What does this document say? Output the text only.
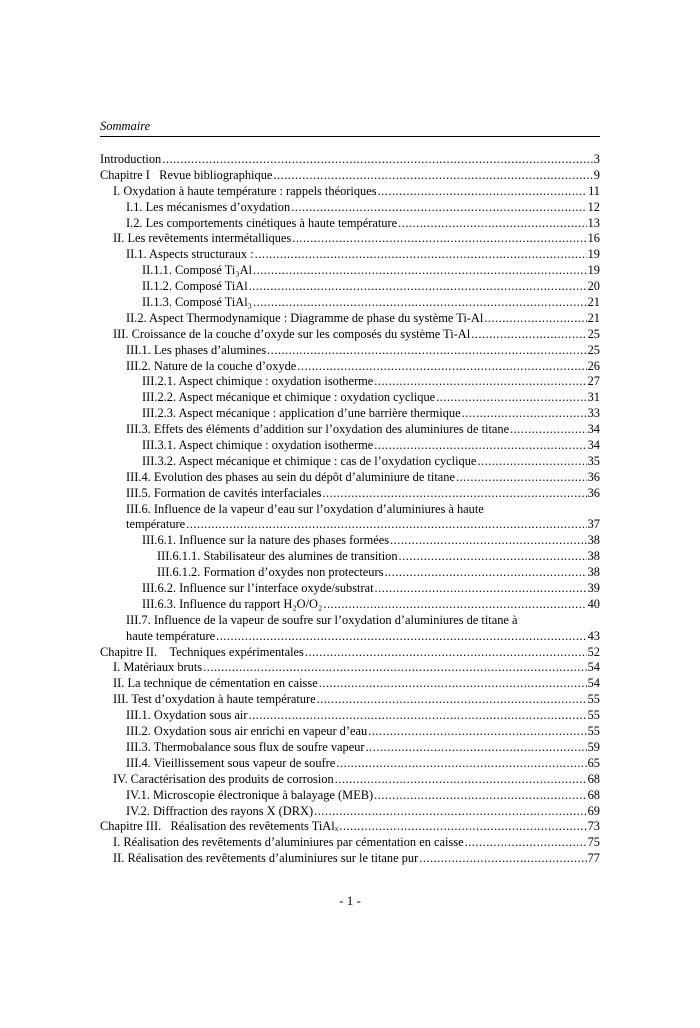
Sommaire
Introduction .....	3
Chapitre I   Revue bibliographique .....	9
I. Oxydation à haute température : rappels théoriques .....	11
I.1. Les mécanismes d’oxydation .....	12
I.2. Les comportements cinétiques à haute température .....	13
II. Les revêtements intermétalliques .....	16
II.1. Aspects structuraux : .....	19
II.1.1. Composé Ti₃Al .....	19
II.1.2. Composé TiAl .....	20
II.1.3. Composé TiAl₃ .....	21
II.2. Aspect Thermodynamique : Diagramme de phase du système Ti-Al .....	21
III. Croissance de la couche d’oxyde sur les composés du système Ti-Al .....	25
III.1. Les phases d’alumines .....	25
III.2. Nature de la couche d’oxyde .....	26
III.2.1. Aspect chimique : oxydation isotherme .....	27
III.2.2. Aspect mécanique et chimique : oxydation cyclique .....	31
III.2.3. Aspect mécanique : application d’une barrière thermique .....	33
III.3. Effets des éléments d’addition sur l’oxydation des aluminiures de titane .....	34
III.3.1. Aspect chimique : oxydation isotherme .....	34
III.3.2. Aspect mécanique et chimique : cas de l’oxydation cyclique .....	35
III.4. Evolution des phases au sein du dépôt d’aluminiure de titane .....	36
III.5. Formation de cavités interfaciales .....	36
III.6. Influence de la vapeur d’eau sur l’oxydation d’aluminiures à haute
température .....	37
III.6.1. Influence sur la nature des phases formées .....	38
III.6.1.1. Stabilisateur des alumines de transition .....	38
III.6.1.2. Formation d’oxydes non protecteurs .....	38
III.6.2. Influence sur l’interface oxyde/substrat .....	39
III.6.3. Influence du rapport H₂O/O₂ .....	40
III.7. Influence de la vapeur de soufre sur l’oxydation d’aluminiures de titane à
haute température .....	43
Chapitre II.    Techniques expérimentales .....	52
I. Matériaux bruts .....	54
II. La technique de cémentation en caisse .....	54
III. Test d’oxydation à haute température .....	55
III.1. Oxydation sous air .....	55
III.2. Oxydation sous air enrichi en vapeur d’eau .....	55
III.3. Thermobalance sous flux de soufre vapeur .....	59
III.4. Vieillissement sous vapeur de soufre .....	65
IV. Caractérisation des produits de corrosion .....	68
IV.1. Microscopie électronique à balayage (MEB) .....	68
IV.2. Diffraction des rayons X (DRX) .....	69
Chapitre III.   Réalisation des revêtements TiAlₓ .....	73
I. Réalisation des revêtements d’aluminiures par cémentation en caisse .....	75
II. Réalisation des revêtements d’aluminiures sur le titane pur .....	77
- 1 -
